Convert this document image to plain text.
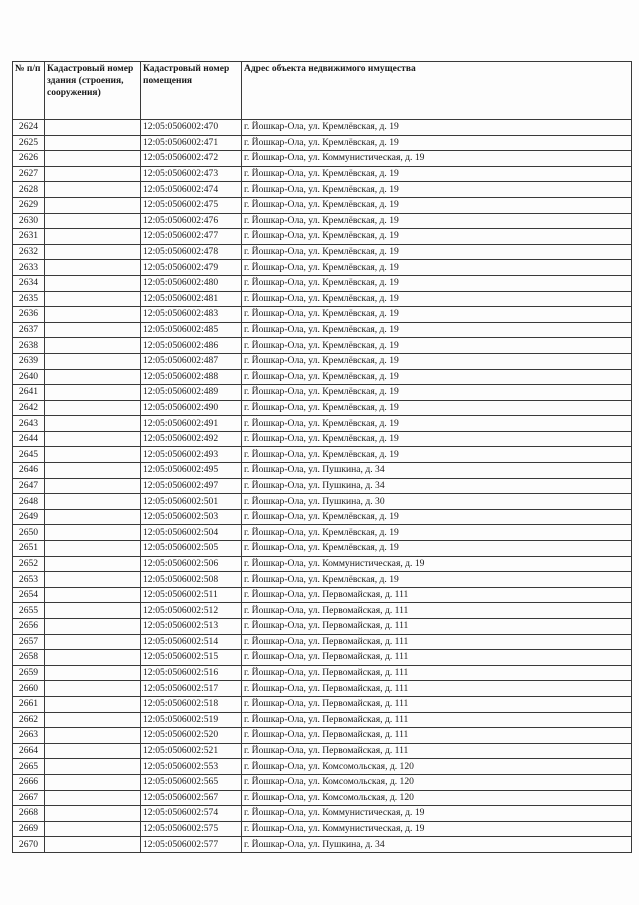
№ п/п	Кадастровый номер здания (строения, сооружения)	Кадастровый номер помещения	Адрес объекта недвижимого имущества
2624		12:05:0506002:470	г. Йошкар-Ола, ул. Кремлёвская, д. 19
2625		12:05:0506002:471	г. Йошкар-Ола, ул. Кремлёвская, д. 19
2626		12:05:0506002:472	г. Йошкар-Ола, ул. Коммунистическая, д. 19
2627		12:05:0506002:473	г. Йошкар-Ола, ул. Кремлёвская, д. 19
2628		12:05:0506002:474	г. Йошкар-Ола, ул. Кремлёвская, д. 19
2629		12:05:0506002:475	г. Йошкар-Ола, ул. Кремлёвская, д. 19
2630		12:05:0506002:476	г. Йошкар-Ола, ул. Кремлёвская, д. 19
2631		12:05:0506002:477	г. Йошкар-Ола, ул. Кремлёвская, д. 19
2632		12:05:0506002:478	г. Йошкар-Ола, ул. Кремлёвская, д. 19
2633		12:05:0506002:479	г. Йошкар-Ола, ул. Кремлёвская, д. 19
2634		12:05:0506002:480	г. Йошкар-Ола, ул. Кремлёвская, д. 19
2635		12:05:0506002:481	г. Йошкар-Ола, ул. Кремлёвская, д. 19
2636		12:05:0506002:483	г. Йошкар-Ола, ул. Кремлёвская, д. 19
2637		12:05:0506002:485	г. Йошкар-Ола, ул. Кремлёвская, д. 19
2638		12:05:0506002:486	г. Йошкар-Ола, ул. Кремлёвская, д. 19
2639		12:05:0506002:487	г. Йошкар-Ола, ул. Кремлёвская, д. 19
2640		12:05:0506002:488	г. Йошкар-Ола, ул. Кремлёвская, д. 19
2641		12:05:0506002:489	г. Йошкар-Ола, ул. Кремлёвская, д. 19
2642		12:05:0506002:490	г. Йошкар-Ола, ул. Кремлёвская, д. 19
2643		12:05:0506002:491	г. Йошкар-Ола, ул. Кремлёвская, д. 19
2644		12:05:0506002:492	г. Йошкар-Ола, ул. Кремлёвская, д. 19
2645		12:05:0506002:493	г. Йошкар-Ола, ул. Кремлёвская, д. 19
2646		12:05:0506002:495	г. Йошкар-Ола, ул. Пушкина, д. 34
2647		12:05:0506002:497	г. Йошкар-Ола, ул. Пушкина, д. 34
2648		12:05:0506002:501	г. Йошкар-Ола, ул. Пушкина, д. 30
2649		12:05:0506002:503	г. Йошкар-Ола, ул. Кремлёвская, д. 19
2650		12:05:0506002:504	г. Йошкар-Ола, ул. Кремлёвская, д. 19
2651		12:05:0506002:505	г. Йошкар-Ола, ул. Кремлёвская, д. 19
2652		12:05:0506002:506	г. Йошкар-Ола, ул. Коммунистическая, д. 19
2653		12:05:0506002:508	г. Йошкар-Ола, ул. Кремлёвская, д. 19
2654		12:05:0506002:511	г. Йошкар-Ола, ул. Первомайская, д. 111
2655		12:05:0506002:512	г. Йошкар-Ола, ул. Первомайская, д. 111
2656		12:05:0506002:513	г. Йошкар-Ола, ул. Первомайская, д. 111
2657		12:05:0506002:514	г. Йошкар-Ола, ул. Первомайская, д. 111
2658		12:05:0506002:515	г. Йошкар-Ола, ул. Первомайская, д. 111
2659		12:05:0506002:516	г. Йошкар-Ола, ул. Первомайская, д. 111
2660		12:05:0506002:517	г. Йошкар-Ола, ул. Первомайская, д. 111
2661		12:05:0506002:518	г. Йошкар-Ола, ул. Первомайская, д. 111
2662		12:05:0506002:519	г. Йошкар-Ола, ул. Первомайская, д. 111
2663		12:05:0506002:520	г. Йошкар-Ола, ул. Первомайская, д. 111
2664		12:05:0506002:521	г. Йошкар-Ола, ул. Первомайская, д. 111
2665		12:05:0506002:553	г. Йошкар-Ола, ул. Комсомольская, д. 120
2666		12:05:0506002:565	г. Йошкар-Ола, ул. Комсомольская, д. 120
2667		12:05:0506002:567	г. Йошкар-Ола, ул. Комсомольская, д. 120
2668		12:05:0506002:574	г. Йошкар-Ола, ул. Коммунистическая, д. 19
2669		12:05:0506002:575	г. Йошкар-Ола, ул. Коммунистическая, д. 19
2670		12:05:0506002:577	г. Йошкар-Ола, ул. Пушкина, д. 34
